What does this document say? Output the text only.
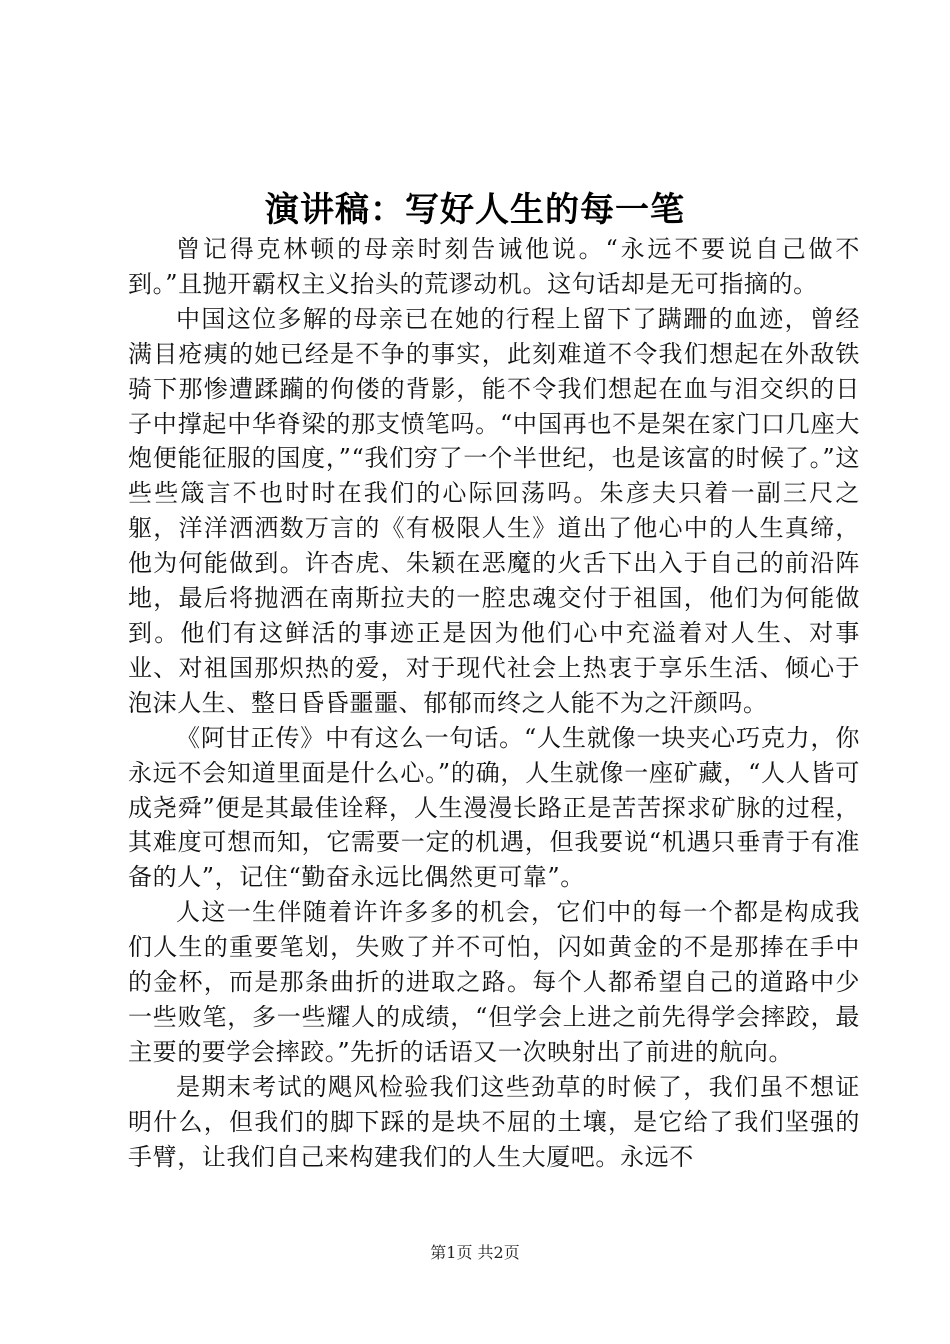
演讲稿：写好人生的每一笔

曾记得克林顿的母亲时刻告诫他说。“永远不要说自己做不到。”且抛开霸权主义抬头的荒谬动机。这句话却是无可指摘的。

中国这位多解的母亲已在她的行程上留下了蹒跚的血迹，曾经满目疮痍的她已经是不争的事实，此刻难道不令我们想起在外敌铁骑下那惨遭蹂躏的佝偻的背影，能不令我们想起在血与泪交织的日子中撑起中华脊梁的那支愤笔吗。“中国再也不是架在家门口几座大炮便能征服的国度，”“我们穷了一个半世纪，也是该富的时候了。”这些些箴言不也时时在我们的心际回荡吗。朱彦夫只着一副三尺之躯，洋洋洒洒数万言的《有极限人生》道出了他心中的人生真缔，他为何能做到。许杏虎、朱颖在恶魔的火舌下出入于自己的前沿阵地，最后将抛洒在南斯拉夫的一腔忠魂交付于祖国，他们为何能做到。他们有这鲜活的事迹正是因为他们心中充溢着对人生、对事业、对祖国那炽热的爱，对于现代社会上热衷于享乐生活、倾心于泡沫人生、整日昏昏噩噩、郁郁而终之人能不为之汗颜吗。

《阿甘正传》中有这么一句话。“人生就像一块夹心巧克力，你永远不会知道里面是什么心。”的确，人生就像一座矿藏，“人人皆可成尧舜”便是其最佳诠释，人生漫漫长路正是苦苦探求矿脉的过程，其难度可想而知，它需要一定的机遇，但我要说“机遇只垂青于有准备的人”，记住“勤奋永远比偶然更可靠”。

人这一生伴随着许许多多的机会，它们中的每一个都是构成我们人生的重要笔划，失败了并不可怕，闪如黄金的不是那捧在手中的金杯，而是那条曲折的进取之路。每个人都希望自己的道路中少一些败笔，多一些耀人的成绩，“但学会上进之前先得学会摔跤，最主要的要学会摔跤。”先折的话语又一次映射出了前进的航向。

是期末考试的飓风检验我们这些劲草的时候了，我们虽不想证明什么，但我们的脚下踩的是块不屈的土壤，是它给了我们坚强的手臂，让我们自己来构建我们的人生大厦吧。永远不

第1页 共2页
